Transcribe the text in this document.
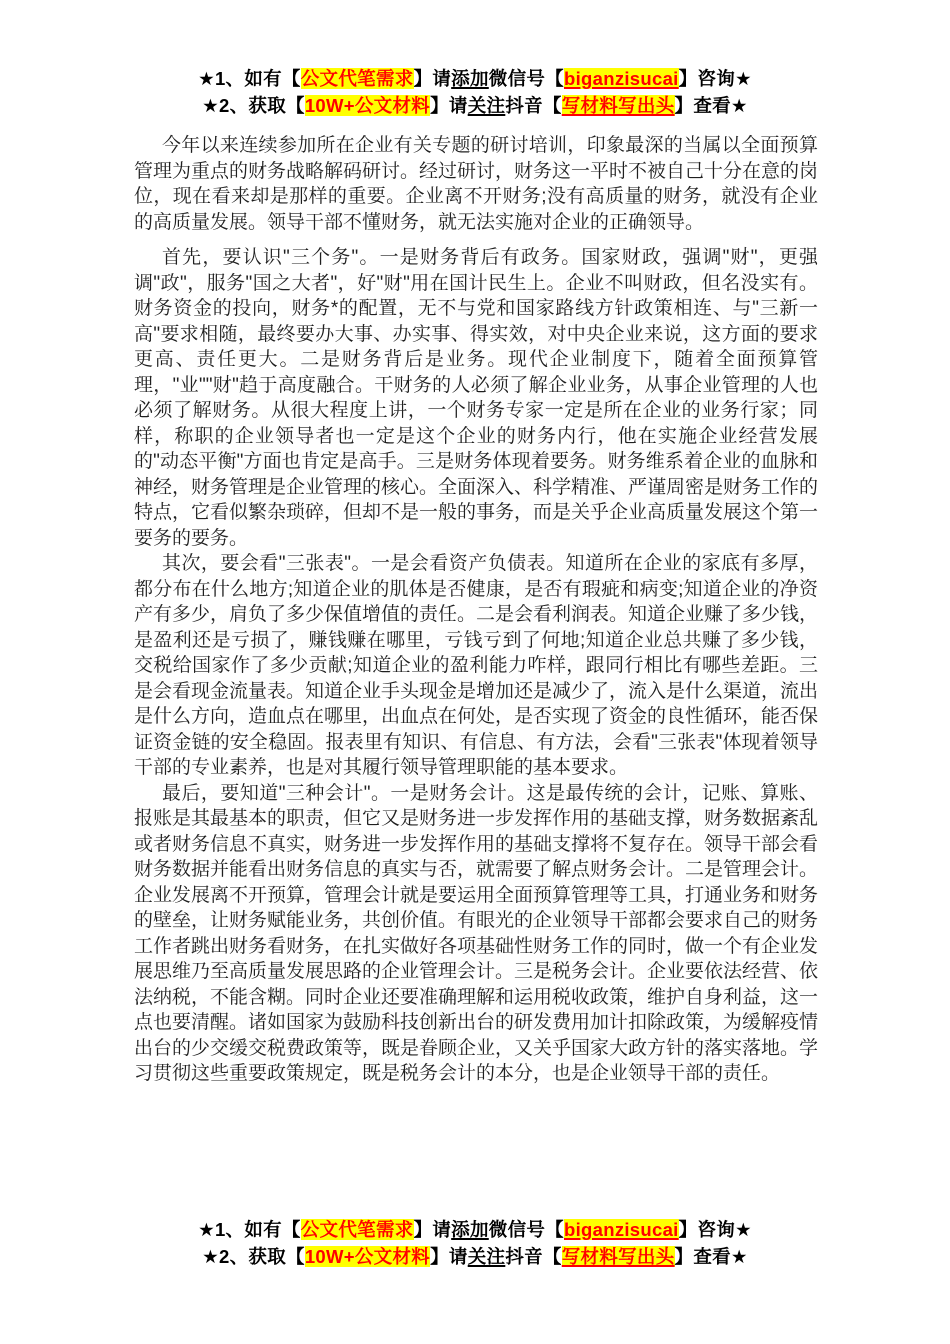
★1、如有【公文代笔需求】请添加微信号【biganzisucai】咨询★
★2、获取【10W+公文材料】请关注抖音【写材料写出头】查看★

今年以来连续参加所在企业有关专题的研讨培训，印象最深的当属以全面预算管理为重点的财务战略解码研讨。经过研讨，财务这一平时不被自己十分在意的岗位，现在看来却是那样的重要。企业离不开财务;没有高质量的财务，就没有企业的高质量发展。领导干部不懂财务，就无法实施对企业的正确领导。

首先，要认识"三个务"。一是财务背后有政务。国家财政，强调"财"，更强调"政"，服务"国之大者"，好"财"用在国计民生上。企业不叫财政，但名没实有。财务资金的投向，财务*的配置，无不与党和国家路线方针政策相连、与"三新一高"要求相随，最终要办大事、办实事、得实效，对中央企业来说，这方面的要求更高、责任更大。二是财务背后是业务。现代企业制度下，随着全面预算管理，"业""财"趋于高度融合。干财务的人必须了解企业业务，从事企业管理的人也必须了解财务。从很大程度上讲，一个财务专家一定是所在企业的业务行家；同样，称职的企业领导者也一定是这个企业的财务内行，他在实施企业经营发展的"动态平衡"方面也肯定是高手。三是财务体现着要务。财务维系着企业的血脉和神经，财务管理是企业管理的核心。全面深入、科学精准、严谨周密是财务工作的特点，它看似繁杂琐碎，但却不是一般的事务，而是关乎企业高质量发展这个第一要务的要务。

其次，要会看"三张表"。一是会看资产负债表。知道所在企业的家底有多厚，都分布在什么地方;知道企业的肌体是否健康，是否有瑕疵和病变;知道企业的净资产有多少，肩负了多少保值增值的责任。二是会看利润表。知道企业赚了多少钱，是盈利还是亏损了，赚钱赚在哪里，亏钱亏到了何地;知道企业总共赚了多少钱，交税给国家作了多少贡献;知道企业的盈利能力咋样，跟同行相比有哪些差距。三是会看现金流量表。知道企业手头现金是增加还是减少了，流入是什么渠道，流出是什么方向，造血点在哪里，出血点在何处，是否实现了资金的良性循环，能否保证资金链的安全稳固。报表里有知识、有信息、有方法，会看"三张表"体现着领导干部的专业素养，也是对其履行领导管理职能的基本要求。

最后，要知道"三种会计"。一是财务会计。这是最传统的会计，记账、算账、报账是其最基本的职责，但它又是财务进一步发挥作用的基础支撑，财务数据紊乱或者财务信息不真实，财务进一步发挥作用的基础支撑将不复存在。领导干部会看财务数据并能看出财务信息的真实与否，就需要了解点财务会计。二是管理会计。企业发展离不开预算，管理会计就是要运用全面预算管理等工具，打通业务和财务的壁垒，让财务赋能业务，共创价值。有眼光的企业领导干部都会要求自己的财务工作者跳出财务看财务，在扎实做好各项基础性财务工作的同时，做一个有企业发展思维乃至高质量发展思路的企业管理会计。三是税务会计。企业要依法经营、依法纳税，不能含糊。同时企业还要准确理解和运用税收政策，维护自身利益，这一点也要清醒。诸如国家为鼓励科技创新出台的研发费用加计扣除政策，为缓解疫情出台的少交缓交税费政策等，既是眷顾企业，又关乎国家大政方针的落实落地。学习贯彻这些重要政策规定，既是税务会计的本分，也是企业领导干部的责任。

★1、如有【公文代笔需求】请添加微信号【biganzisucai】咨询★
★2、获取【10W+公文材料】请关注抖音【写材料写出头】查看★
